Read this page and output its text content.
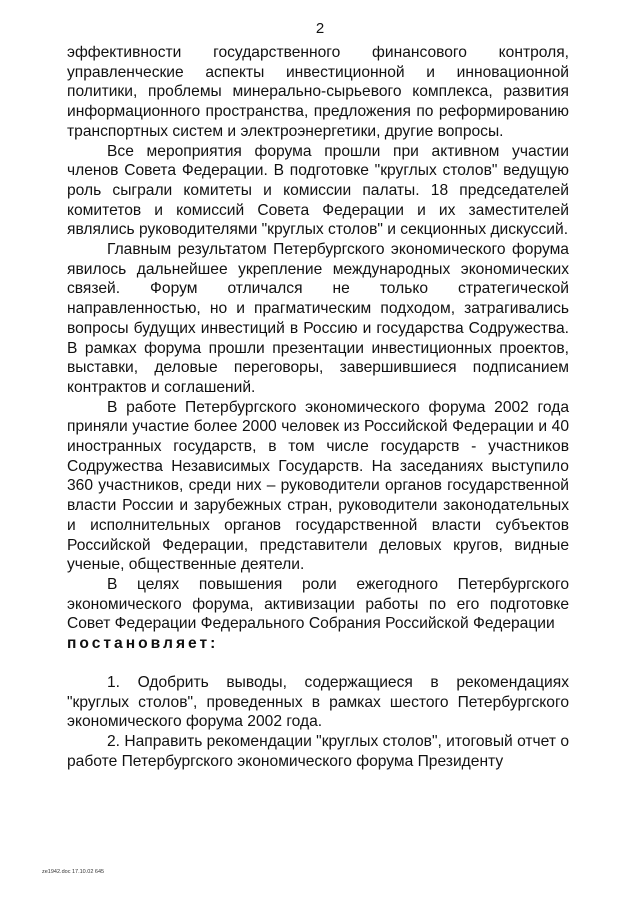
2

эффективности государственного финансового контроля, управленческие аспекты инвестиционной и инновационной политики, проблемы минерально-сырьевого комплекса, развития информационного пространства, предложения по реформированию транспортных систем и электроэнергетики, другие вопросы.

Все мероприятия форума прошли при активном участии членов Совета Федерации. В подготовке "круглых столов" ведущую роль сыграли комитеты и комиссии палаты. 18 председателей комитетов и комиссий Совета Федерации и их заместителей являлись руководителями "круглых столов" и секционных дискуссий.

Главным результатом Петербургского экономического форума явилось дальнейшее укрепление международных экономических связей. Форум отличался не только стратегической направленностью, но и прагматическим подходом, затрагивались вопросы будущих инвестиций в Россию и государства Содружества. В рамках форума прошли презентации инвестиционных проектов, выставки, деловые переговоры, завершившиеся подписанием контрактов и соглашений.

В работе Петербургского экономического форума 2002 года приняли участие более 2000 человек из Российской Федерации и 40 иностранных государств, в том числе государств - участников Содружества Независимых Государств. На заседаниях выступило 360 участников, среди них – руководители органов государственной власти России и зарубежных стран, руководители законодательных и исполнительных органов государственной власти субъектов Российской Федерации, представители деловых кругов, видные ученые, общественные деятели.

В целях повышения роли ежегодного Петербургского экономического форума, активизации работы по его подготовке Совет Федерации Федерального Собрания Российской Федерации

постановляет:

1. Одобрить выводы, содержащиеся в рекомендациях "круглых столов", проведенных в рамках шестого Петербургского экономического форума 2002 года.

2. Направить рекомендации "круглых столов", итоговый отчет о работе Петербургского экономического форума Президенту

ze1942.doc 17.10.02 645
